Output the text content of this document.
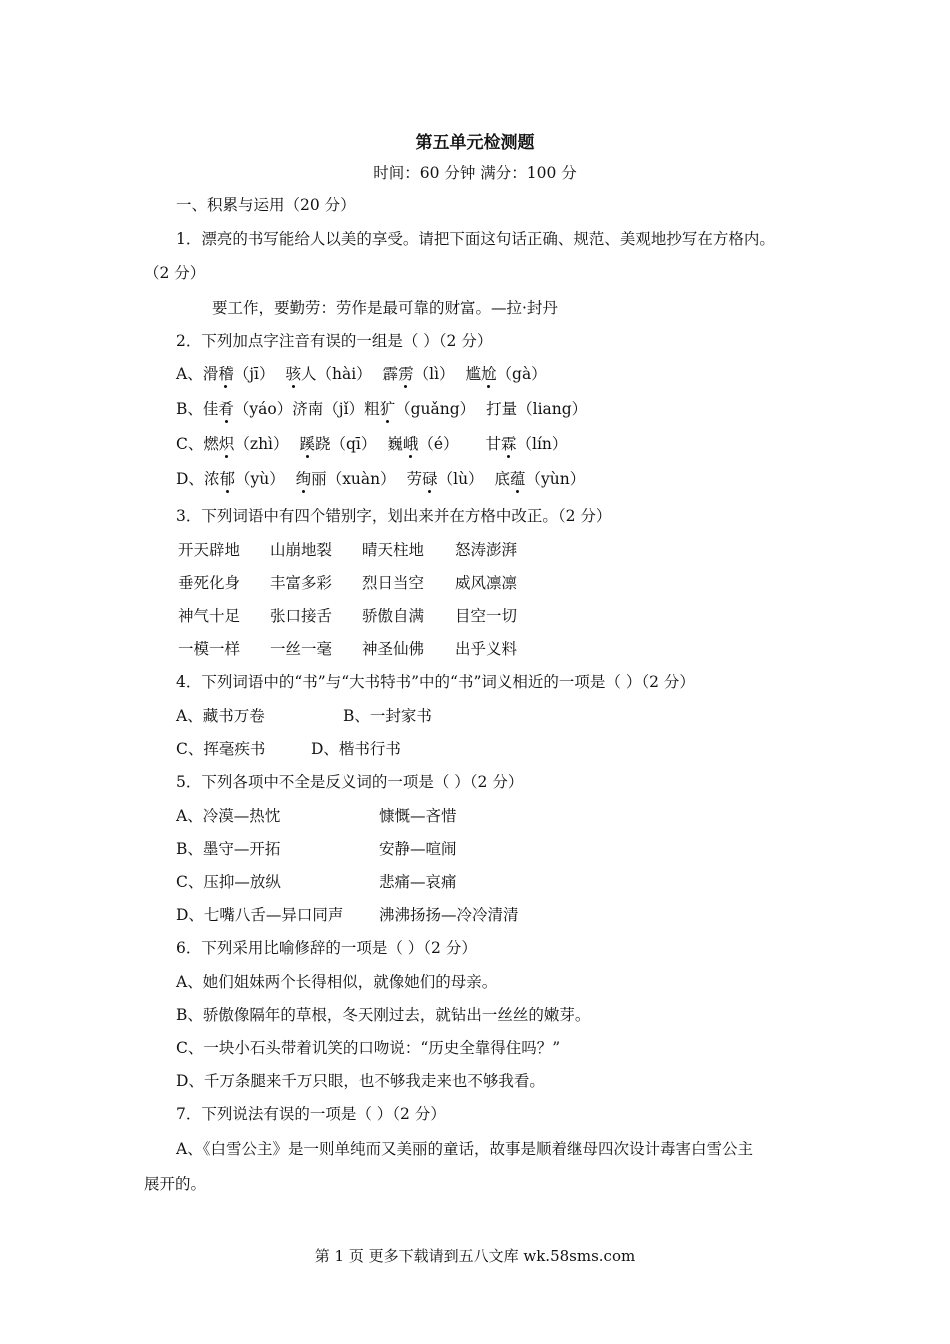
第五单元检测题
时间：60 分钟 满分：100 分
一、积累与运用（20 分）
1．漂亮的书写能给人以美的享受。请把下面这句话正确、规范、美观地抄写在方格内。
（2 分）
要工作，要勤劳：劳作是最可靠的财富。—拉·封丹
2．下列加点字注音有误的一组是（ ）（2 分）
A、滑稽（jī） 骇人（hài） 霹雳（lì） 尴尬（gà）
B、佳肴（yáo）济南（jǐ）粗犷（guǎng） 打量（liang）
C、燃炽（zhì） 蹊跷（qī） 巍峨（é） 甘霖（lín）
D、浓郁（yù） 绚丽（xuàn） 劳碌（lù） 底蕴（yùn）
3．下列词语中有四个错别字，划出来并在方格中改正。（2 分）
开天辟地 山崩地裂 晴天柱地 怒涛澎湃
垂死化身 丰富多彩 烈日当空 威风凛凛
神气十足 张口接舌 骄傲自满 目空一切
一模一样 一丝一毫 神圣仙佛 出乎义料
4．下列词语中的“书”与“大书特书”中的“书”词义相近的一项是（ ）（2 分）
A、藏书万卷	B、一封家书
C、挥毫疾书	D、楷书行书
5．下列各项中不全是反义词的一项是（ ）（2 分）
A、冷漠—热忱	慷慨—吝惜
B、墨守—开拓	安静—喧闹
C、压抑—放纵	悲痛—哀痛
D、七嘴八舌—异口同声 沸沸扬扬—冷冷清清
6．下列采用比喻修辞的一项是（ ）（2 分）
A、她们姐妹两个长得相似，就像她们的母亲。
B、骄傲像隔年的草根，冬天刚过去，就钻出一丝丝的嫩芽。
C、一块小石头带着讥笑的口吻说：“历史全靠得住吗？”
D、千万条腿来千万只眼，也不够我走来也不够我看。
7．下列说法有误的一项是（ ）（2 分）
A、《白雪公主》是一则单纯而又美丽的童话，故事是顺着继母四次设计毒害白雪公主
展开的。
第 1 页 更多下载请到五八文库 wk.58sms.com
